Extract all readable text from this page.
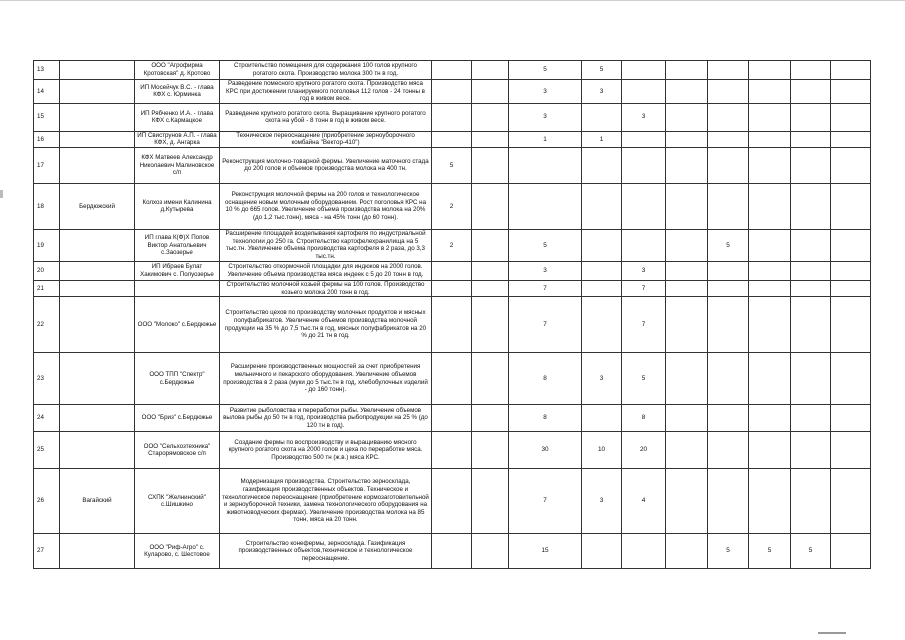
13		ООО "Агрофирма Кротовская" д. Кротово	Строительство помещения для содержания 100 голов крупного рогатого скота. Производство молока 300 тн в год.			5	5						
14		ИП Мосейчук В.С. - глава КФХ с. Юрминка	Разведение помесного крупного рогатого скота. Производство мяса КРС при достижении планируемого поголовья 112 голов - 24 тонны в год в живом весе.			3	3						
15		ИП Рябченко И.А. - глава КФХ с.Кармацкое	Разведение крупного рогатого скота. Выращивание крупного рогатого скота на убой - 8 тонн в год в живом весе.			3		3					
16		ИП Свиструнов А.П. - глава КФХ, д. Ангарка	Техническое переоснащение (приобретение зерноуборочного комбайна "Вектор-410")			1	1						
17		КФХ Матвеев Александр Николаевич Малиновское с/п	Реконструкция молочно-товарной фермы. Увеличение маточного стада до 200 голов и объемов производства молока на 400 тн.	5									
18	Бердюжский	Колхоз имени Калинина д.Кутырева	Реконструкция молочной фермы на 200 голов и технологическое оснащение новым молочным оборудованием. Рост поголовья КРС на 10 % до 665 голов. Увеличение объема производства молока на 20% (до 1,2 тыс.тонн), мяса - на 45% тонн (до 60 тонн).	2									
19		ИП глава К(Ф)Х Попов Виктор Анатольевич с.Заозерье	Расширение площадей возделывания картофеля по индустриальной технологии до 250 га. Строительство картофелехранилища на 5 тыс.тн. Увеличение объема производства картофеля в 2 раза, до 3,3 тыс.тн.	2		5				5			
20		ИП Ибраев Булат Хакимович с. Полуозерье	Строительство откормочной площадки для индюков на 2000 голов. Увеличение объема производства мяса индеек с 5 до 20 тонн в год.			3		3					
21			Строительство молочной козьей фермы на 100 голов. Производство козьего молока 200 тонн в год.			7		7					
22		ООО "Молоко" с.Бердюжье	Строительство цехов по производству молочных продуктов и мясных полуфабрикатов. Увеличение объемов производства молочной продукции на 35 % до 7,5 тыс.тн в год, мясных полуфабрикатов на 20 % до 21 тн в год.			7		7					
23		ООО ТПП "Спектр" с.Бердюжье	Расширение производственных мощностей за счет приобретения мельничного и пекарского оборудования. Увеличение объемов производства в 2 раза (муки до 5 тыс.тн в год, хлебобулочных изделий - до 160 тонн).			8	3	5					
24		ООО "Бриз" с.Бердюжье	Развитие рыболовства и переработки рыбы. Увеличение объемов вылова рыбы до 50 тн в год, производства рыбопродукции на 25 % (до 120 тн в год).			8		8					
25		ООО "Сельхозтехника" Старорямовское с/п	Создание фермы по воспроизводству и выращиванию мясного крупного рогатого скота на 2000 голов и цеха по переработке мяса. Производство 500 тн (ж.в.) мяса КРС.			30	10	20					
26	Вагайский	СХПК "Желнинский" с.Шишкино	Модернизация производства. Строительство зерносклада, газификация производственных объектов. Техническое и технологическое переоснащение (приобретение кормозаготовительной и зерноуборочной техники, замена технологического оборудования на животноводческих фермах). Увеличение производства молока на 85 тонн, мяса на 20 тонн.			7	3	4					
27		ООО "Риф-Агро" с. Куларово, с. Шестовое	Строительство конефермы, зерносклада. Газификация производственных объектов,техническое и технологическое переоснащение.			15				5	5	5	
